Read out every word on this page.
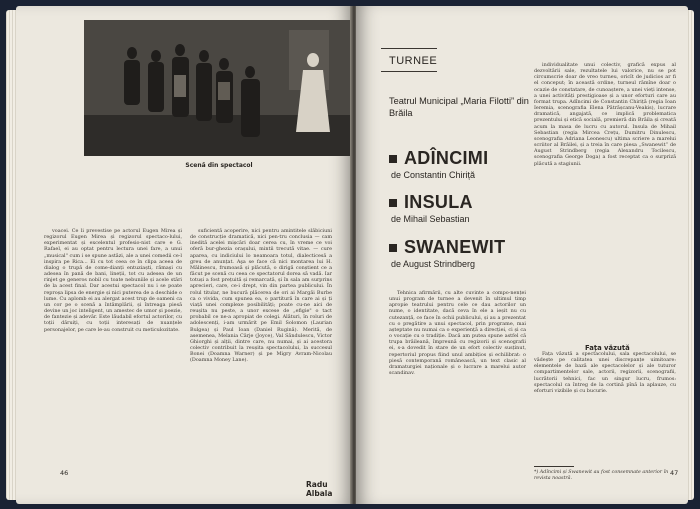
Scenă din spectacol

voacei. Ce li prevestise pe actorul Eugen Mirea și regizorul Eugen Mirea și regizorul spectaco-lului, experimentat și excelentul profesio-nist care e G. Rafael, ei au optat pentru lectura unei fare, a unui „musical" cum i se spune astăzi, ale a unei comedii ce-l inspira pe Rica... Ei cu tot ceea ce în clipa aceea de dialog o trupă de come-dianți entuziaști, rămași cu adesea în pană de bani, lineții, tot cu adesea de un rinjet ge generos nobil cu toate nebuniile și acele stări de la acest final. Dar acestui spectacol nu i se poate reproșa lipsa de energie și nici puterea de a deschide o lume. Cu aplomb ei au alergat acest trup de oameni ca un cor pe o scenă a întâmplării, și întreaga piesă devine un joc inteligent, un amestec de umor și poezie, de fantezie și adevăr. Este lăudabil efortul actorilor, cu toții dăruiți, cu toții interesați de nuanțele personajelor, pe care le-au construit cu meticulozitate.

suficientă acoperire, nici pentru amintitele slăbiciuni de construcție dramatică, nici pen-tru conclusia — cam inedită acelei mișcări doar cerea cu, în vreme ce voi oferă bur-ghezia orașului, mintii trecută vitae. — cure aparea, cu indiciului lo neamoara totul, dialecticesă a greu de anunțat. Aşa se face că nici montarea lui H. Mălinescu, frumoasă și plăcută, o dirigă conștient ce a făcut pe scenă cu ceea ce spectatorul dorea să vadă. Iar totuși a fost prețuită și remarcată, și în sala am surprins aprecieri, care, ce-i drept, vin din partea publicului. În rolul titular, ne bucură plăcerea de ori ai Margăi Burbe ca o vivida, cum spunea ea, o partitură în care ai și ți viață unei complexe posibilități; poate cu-ne aici de reușita nu peste, a unor excese de „efigie" o tact probabil ce ne-a apropiat de colegi. Alături, în roluri de adolescenți, i-am urmărit pe Emil Solomon (Laurian Bulgea) și Paul Ioan (Daniel Rugină). Merită, de asemenea, Melania Cârje (Joyce), Val Săndulescu, Victor Ghiorghi și alții, dintre care, nu numai, și ai acestora colectiv contribuit la reușita spectacolului, la succesul Bonei (Doamna Warner) și pe Migry Avram-Nicolau (Doamna Money Lane).

Radu Albala
46
TURNEE
Teatrul Municipal „Maria Filotti” din Brăila
ADÎNCIMI
de Constantin Chiriță
INSULA
de Mihail Sebastian
SWANEWIT
de August Strindberg

Tehnica afirmării, cu alte cuvinte a compo-nenței unui program de turnee a devenit în ultimul timp apropie teatrului pentru cele ce dau actorilor un nume, o identitate, dacă ceva în ele a ieșit nu cu cutezanță, ce face în ochii publicului, și au a prezentat cu o pregătire a unui spectacol, prin programe, mai așteptate nu numai ca o experiență a direcției, ci și ca o vocație cu o tradiție. Dacă am putea spune astfel că trupa brăileană, împreună cu regizorii și scenografii ei, s-a dovedit în stare de un efort colectiv susținut, repertoriul propus fiind unul ambițios și echilibrat: o piesă contemporană românească, un text clasic al dramaturgiei naționale și o lucrare a marelui autor scandinav.

individualitate unui colectiv, grafică expus al dezvoltării sale, rezultatele lui valorice, nu se pot circumscrie doar de vreo turneu, oricît de judicios ar fi el conceput; în această ordine, turneul rămîne doar o ocazie de constatare, de cunoaștere, a unei vieți intense, a unei activități prestigioase și a unor eforturi care au format trupa. Adîncimi de Constantin Chiriță (regia Ioan Ieremia, scenografia Elena Pătrășcanu-Veakis), lucrare dramatică, angajată, ce implică problematica prezentului și etică socială, premieră din Brăila și creată acum la masa de lucru cu autorul. Insula de Mihail Sebastian (regia Mircea Crețu, Dumitru Dinulescu, scenografia Adriana Leonescu) ultima scriere a marelui scriitor al Brăilei, și a treia în care piesa „Swanewit” de August Strindberg (regia Alexandru Tocilescu, scenografia George Doga) a fost receptat ca o surpriză plăcută a stagiunii.

Fața văzută

Fața văzută a spectacolului, sala spectacolului, se vădește pe calitatea unei discrepanțe uimitoare: elementele de bază ale spectacolelor și ale tuturor compartimentelor sale, actorii, regizorii, scenografii, lucrătorii tehnici, fac un singur lucru, frumos: spectacolul ca întreg de la cortină pînă la aplauze, cu eforturi vizibile și cu bucurie.

*) Adîncimi și Swanewit au fost consemnate anterior în revista noastră.
47
